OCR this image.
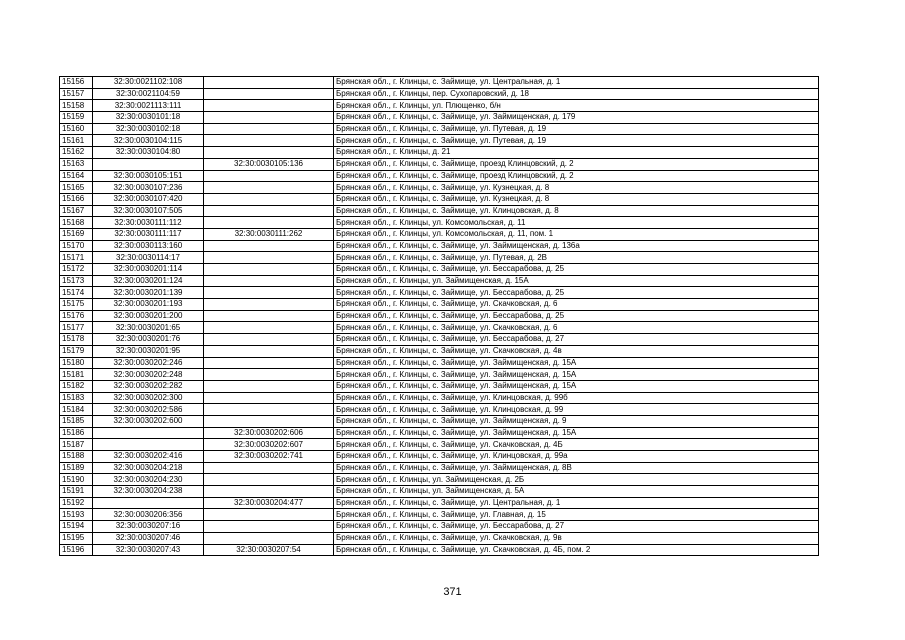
15156	32:30:0021102:108		Брянская обл., г. Клинцы, с. Займище, ул. Центральная, д. 1
15157	32:30:0021104:59		Брянская обл., г. Клинцы, пер. Сухопаровский, д. 18
15158	32:30:0021113:111		Брянская обл., г. Клинцы, ул. Плющенко, б/н
15159	32:30:0030101:18		Брянская обл., г. Клинцы, с. Займище, ул. Займищенская, д. 179
15160	32:30:0030102:18		Брянская обл., г. Клинцы, с. Займище, ул. Путевая, д. 19
15161	32:30:0030104:115		Брянская обл., г. Клинцы, с. Займище, ул. Путевая, д. 19
15162	32:30:0030104:80		Брянская обл., г. Клинцы, д. 21
15163		32:30:0030105:136	Брянская обл., г. Клинцы, с. Займище, проезд Клинцовский, д. 2
15164	32:30:0030105:151		Брянская обл., г. Клинцы, с. Займище, проезд Клинцовский, д. 2
15165	32:30:0030107:236		Брянская обл., г. Клинцы, с. Займище, ул. Кузнецкая, д. 8
15166	32:30:0030107:420		Брянская обл., г. Клинцы, с. Займище, ул. Кузнецкая, д. 8
15167	32:30:0030107:505		Брянская обл., г. Клинцы, с. Займище, ул. Клинцовская, д. 8
15168	32:30:0030111:112		Брянская обл., г. Клинцы, ул. Комсомольская, д. 11
15169	32:30:0030111:117	32:30:0030111:262	Брянская обл., г. Клинцы, ул. Комсомольская, д. 11, пом. 1
15170	32:30:0030113:160		Брянская обл., г. Клинцы, с. Займище, ул. Займищенская, д. 136а
15171	32:30:0030114:17		Брянская обл., г. Клинцы, с. Займище, ул. Путевая, д. 2В
15172	32:30:0030201:114		Брянская обл., г. Клинцы, с. Займище, ул. Бессарабова, д. 25
15173	32:30:0030201:124		Брянская обл., г. Клинцы, ул. Займищенская, д. 15А
15174	32:30:0030201:139		Брянская обл., г. Клинцы, с. Займище, ул. Бессарабова, д. 25
15175	32:30:0030201:193		Брянская обл., г. Клинцы, с. Займище, ул. Скачковская, д. 6
15176	32:30:0030201:200		Брянская обл., г. Клинцы, с. Займище, ул. Бессарабова, д. 25
15177	32:30:0030201:65		Брянская обл., г. Клинцы, с. Займище, ул. Скачковская, д. 6
15178	32:30:0030201:76		Брянская обл., г. Клинцы, с. Займище, ул. Бессарабова, д. 27
15179	32:30:0030201:95		Брянская обл., г. Клинцы, с. Займище, ул. Скачковская, д. 4в
15180	32:30:0030202:246		Брянская обл., г. Клинцы, с. Займище, ул. Займищенская, д. 15А
15181	32:30:0030202:248		Брянская обл., г. Клинцы, с. Займище, ул. Займищенская, д. 15А
15182	32:30:0030202:282		Брянская обл., г. Клинцы, с. Займище, ул. Займищенская, д. 15А
15183	32:30:0030202:300		Брянская обл., г. Клинцы, с. Займище, ул. Клинцовская, д. 99б
15184	32:30:0030202:586		Брянская обл., г. Клинцы, с. Займище, ул. Клинцовская, д. 99
15185	32:30:0030202:600		Брянская обл., г. Клинцы, с. Займище, ул. Займищенская, д. 9
15186		32:30:0030202:606	Брянская обл., г. Клинцы, с. Займище, ул. Займищенская, д. 15А
15187		32:30:0030202:607	Брянская обл., г. Клинцы, с. Займище, ул. Скачковская, д. 4Б
15188	32:30:0030202:416	32:30:0030202:741	Брянская обл., г. Клинцы, с. Займище, ул. Клинцовская, д. 99а
15189	32:30:0030204:218		Брянская обл., г. Клинцы, с. Займище, ул. Займищенская, д. 8В
15190	32:30:0030204:230		Брянская обл., г. Клинцы, ул. Займищенская, д. 2Б
15191	32:30:0030204:238		Брянская обл., г. Клинцы, ул. Займищенская, д. 5А
15192		32:30:0030204:477	Брянская обл., г. Клинцы, с. Займище, ул. Центральная, д. 1
15193	32:30:0030206:356		Брянская обл., г. Клинцы, с. Займище, ул. Главная, д. 15
15194	32:30:0030207:16		Брянская обл., г. Клинцы, с. Займище, ул. Бессарабова, д. 27
15195	32:30:0030207:46		Брянская обл., г. Клинцы, с. Займище, ул. Скачковская, д. 9в
15196	32:30:0030207:43	32:30:0030207:54	Брянская обл., г. Клинцы, с. Займище, ул. Скачковская, д. 4Б, пом. 2
371
